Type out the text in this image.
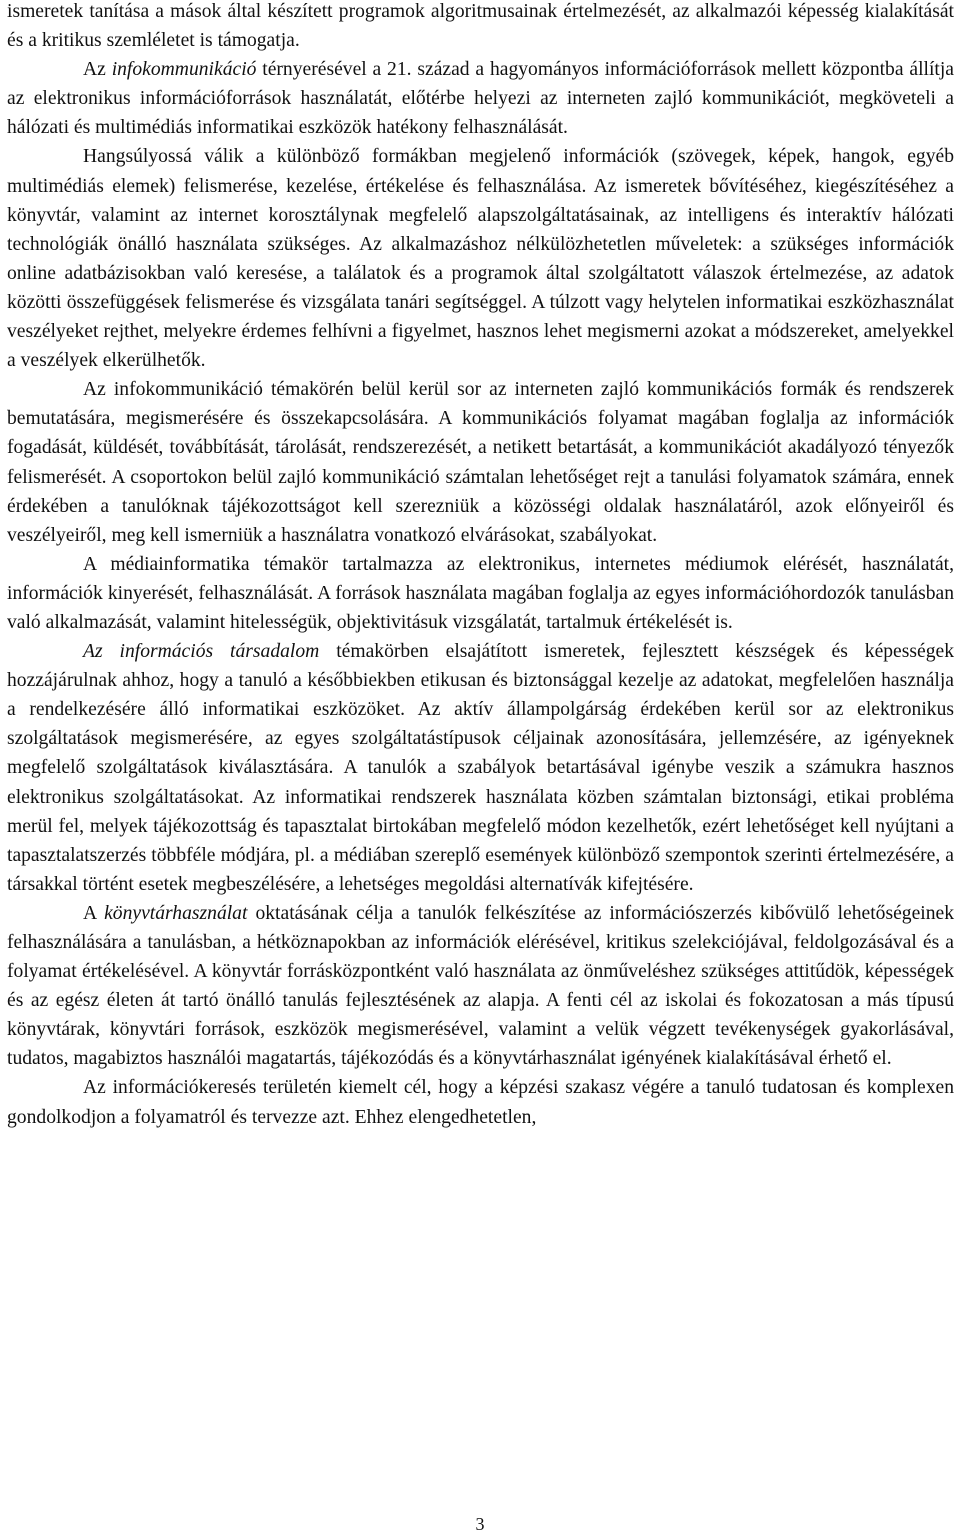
ismeretek tanítása a mások által készített programok algoritmusainak értelmezését, az alkalmazói képesség kialakítását és a kritikus szemléletet is támogatja.

Az infokommunikáció térnyerésével a 21. század a hagyományos információforrások mellett központba állítja az elektronikus információforrások használatát, előtérbe helyezi az interneten zajló kommunikációt, megköveteli a hálózati és multimédiás informatikai eszközök hatékony felhasználását.

Hangsúlyossá válik a különböző formákban megjelenő információk (szövegek, képek, hangok, egyéb multimédiás elemek) felismerése, kezelése, értékelése és felhasználása. Az ismeretek bővítéséhez, kiegészítéséhez a könyvtár, valamint az internet korosztálynak megfelelő alapszolgáltatásainak, az intelligens és interaktív hálózati technológiák önálló használata szükséges. Az alkalmazáshoz nélkülözhetetlen műveletek: a szükséges információk online adatbázisokban való keresése, a találatok és a programok által szolgáltatott válaszok értelmezése, az adatok közötti összefüggések felismerése és vizsgálata tanári segítséggel. A túlzott vagy helytelen informatikai eszközhasználat veszélyeket rejthet, melyekre érdemes felhívni a figyelmet, hasznos lehet megismerni azokat a módszereket, amelyekkel a veszélyek elkerülhetők.

Az infokommunikáció témakörén belül kerül sor az interneten zajló kommunikációs formák és rendszerek bemutatására, megismerésére és összekapcsolására. A kommunikációs folyamat magában foglalja az információk fogadását, küldését, továbbítását, tárolását, rendszerezését, a netikett betartását, a kommunikációt akadályozó tényezők felismerését. A csoportokon belül zajló kommunikáció számtalan lehetőséget rejt a tanulási folyamatok számára, ennek érdekében a tanulóknak tájékozottságot kell szerezniük a közösségi oldalak használatáról, azok előnyeiről és veszélyeiről, meg kell ismerniük a használatra vonatkozó elvárásokat, szabályokat.

A médiainformatika témakör tartalmazza az elektronikus, internetes médiumok elérését, használatát, információk kinyerését, felhasználását. A források használata magában foglalja az egyes információhordozók tanulásban való alkalmazását, valamint hitelességük, objektivitásuk vizsgálatát, tartalmuk értékelését is.

Az információs társadalom témakörben elsajátított ismeretek, fejlesztett készségek és képességek hozzájárulnak ahhoz, hogy a tanuló a későbbiekben etikusan és biztonsággal kezelje az adatokat, megfelelően használja a rendelkezésére álló informatikai eszközöket. Az aktív állampolgárság érdekében kerül sor az elektronikus szolgáltatások megismerésére, az egyes szolgáltatástípusok céljainak azonosítására, jellemzésére, az igényeknek megfelelő szolgáltatások kiválasztására. A tanulók a szabályok betartásával igénybe veszik a számukra hasznos elektronikus szolgáltatásokat. Az informatikai rendszerek használata közben számtalan biztonsági, etikai probléma merül fel, melyek tájékozottság és tapasztalat birtokában megfelelő módon kezelhetők, ezért lehetőséget kell nyújtani a tapasztalatszerzés többféle módjára, pl. a médiában szereplő események különböző szempontok szerinti értelmezésére, a társakkal történt esetek megbeszélésére, a lehetséges megoldási alternatívák kifejtésére.

A könyvtárhasználat oktatásának célja a tanulók felkészítése az információszerzés kibővülő lehetőségeinek felhasználására a tanulásban, a hétköznapokban az információk elérésével, kritikus szelekciójával, feldolgozásával és a folyamat értékelésével. A könyvtár forrásközpontként való használata az önműveléshez szükséges attitűdök, képességek és az egész életen át tartó önálló tanulás fejlesztésének az alapja. A fenti cél az iskolai és fokozatosan a más típusú könyvtárak, könyvtári források, eszközök megismerésével, valamint a velük végzett tevékenységek gyakorlásával, tudatos, magabiztos használói magatartás, tájékozódás és a könyvtárhasználat igényének kialakításával érhető el.

Az információkeresés területén kiemelt cél, hogy a képzési szakasz végére a tanuló tudatosan és komplexen gondolkodjon a folyamatról és tervezze azt. Ehhez elengedhetetlen,

3
